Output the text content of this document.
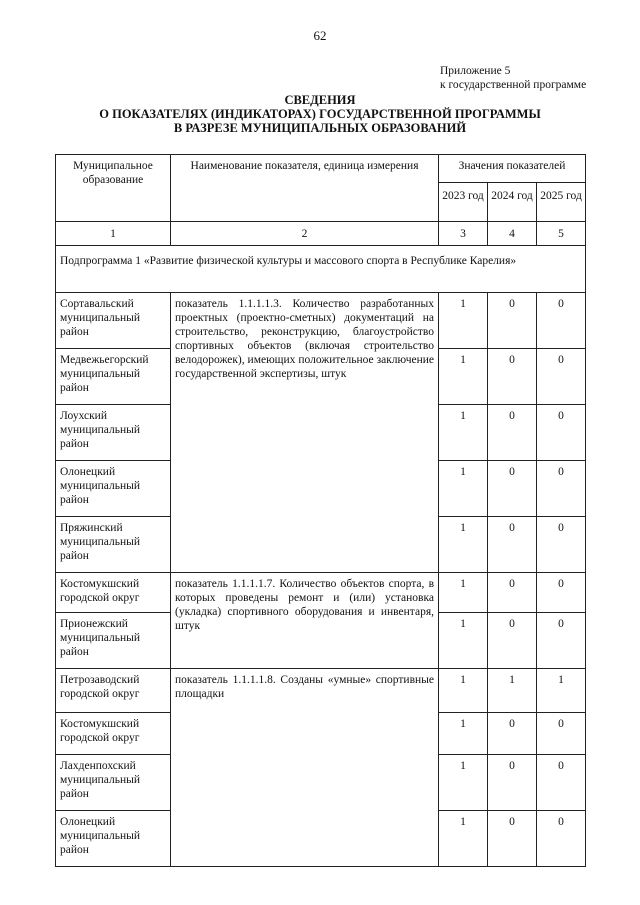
62
Приложение 5
к государственной программе
СВЕДЕНИЯ
О ПОКАЗАТЕЛЯХ (ИНДИКАТОРАХ) ГОСУДАРСТВЕННОЙ ПРОГРАММЫ
В РАЗРЕЗЕ МУНИЦИПАЛЬНЫХ ОБРАЗОВАНИЙ
Муниципальное образование	Наименование показателя, единица измерения	Значения показателей		
		2023 год	2024 год	2025 год
1	2	3	4	5
Подпрограмма 1 «Развитие физической культуры и массового спорта в Республике Карелия»				
Сортавальский муниципальный район	показатель 1.1.1.1.3. Количество разработанных проектных (проектно-сметных) документаций на строительство, реконструкцию, благоустройство спортивных объектов (включая строительство велодорожек), имеющих положительное заключение государственной экспертизы, штук	1	0	0
Медвежьегорский муниципальный район		1	0	0
Лоухский муниципальный район		1	0	0
Олонецкий муниципальный район		1	0	0
Пряжинский муниципальный район		1	0	0
Костомукшский городской округ	показатель 1.1.1.1.7. Количество объектов спорта, в которых проведены ремонт и (или) установка (укладка) спортивного оборудования и инвентаря, штук	1	0	0
Прионежский муниципальный район		1	0	0
Петрозаводский городской округ	показатель 1.1.1.1.8. Созданы «умные» спортивные площадки	1	1	1
Костомукшский городской округ		1	0	0
Лахденпохский муниципальный район		1	0	0
Олонецкий муниципальный район		1	0	0
